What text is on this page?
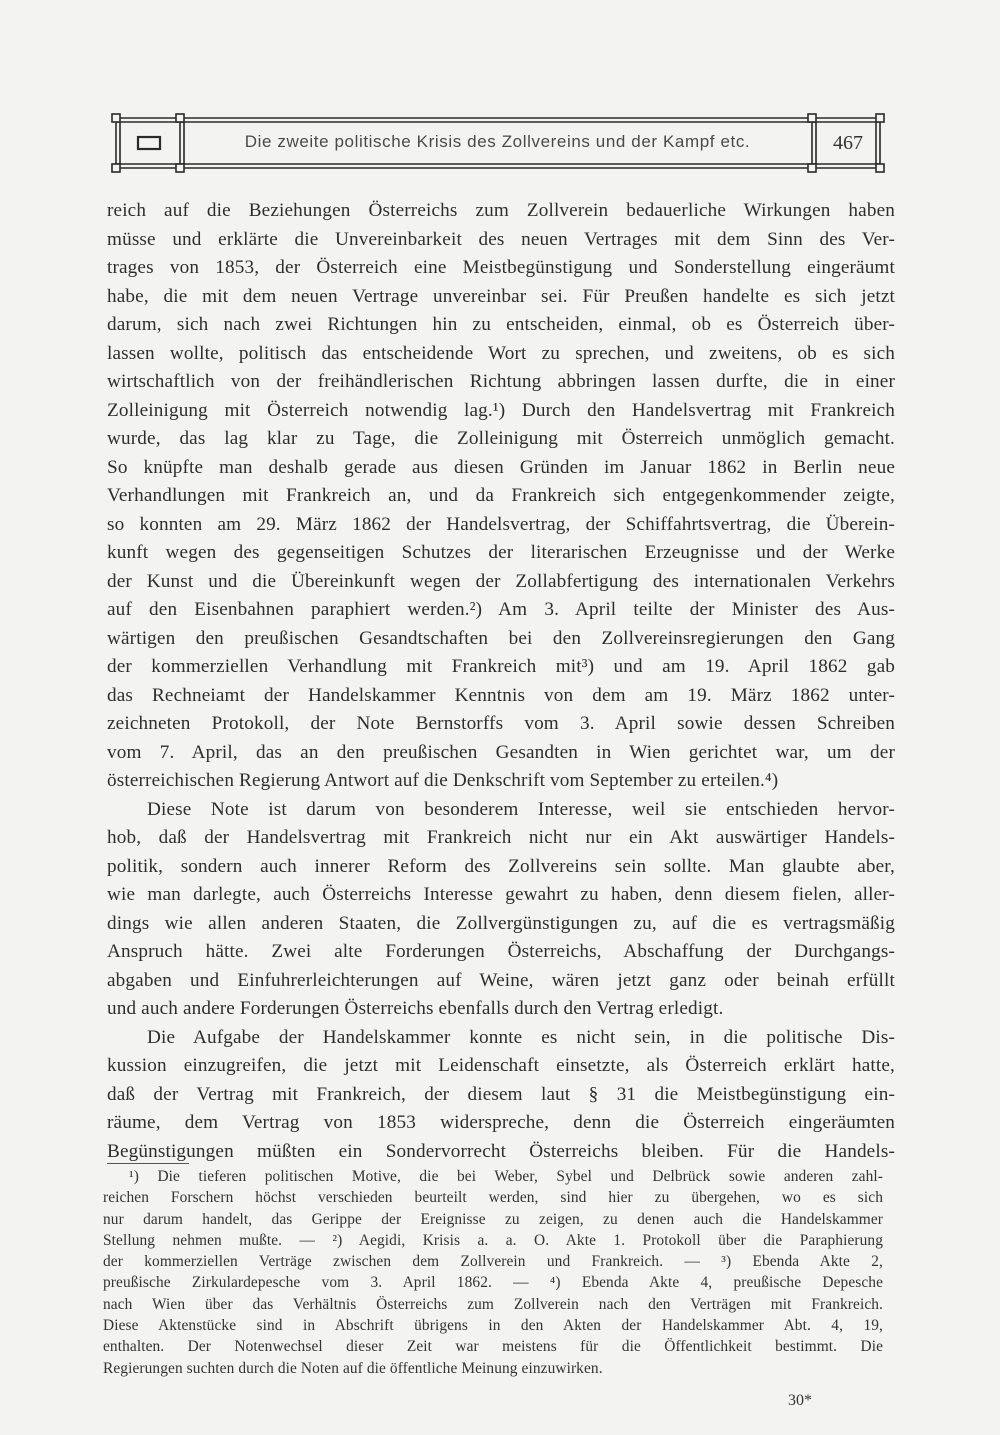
Die zweite politische Krisis des Zollvereins und der Kampf etc.	467
reich auf die Beziehungen Österreichs zum Zollverein bedauerliche Wirkungen haben
müsse und erklärte die Unvereinbarkeit des neuen Vertrages mit dem Sinn des Ver-
trages von 1853, der Österreich eine Meistbegünstigung und Sonderstellung eingeräumt
habe, die mit dem neuen Vertrage unvereinbar sei. Für Preußen handelte es sich jetzt
darum, sich nach zwei Richtungen hin zu entscheiden, einmal, ob es Österreich über-
lassen wollte, politisch das entscheidende Wort zu sprechen, und zweitens, ob es sich
wirtschaftlich von der freihändlerischen Richtung abbringen lassen durfte, die in einer
Zolleinigung mit Österreich notwendig lag.¹) Durch den Handelsvertrag mit Frankreich
wurde, das lag klar zu Tage, die Zolleinigung mit Österreich unmöglich gemacht.
So knüpfte man deshalb gerade aus diesen Gründen im Januar 1862 in Berlin neue
Verhandlungen mit Frankreich an, und da Frankreich sich entgegenkommender zeigte,
so konnten am 29. März 1862 der Handelsvertrag, der Schiffahrtsvertrag, die Überein-
kunft wegen des gegenseitigen Schutzes der literarischen Erzeugnisse und der Werke
der Kunst und die Übereinkunft wegen der Zollabfertigung des internationalen Verkehrs
auf den Eisenbahnen paraphiert werden.²) Am 3. April teilte der Minister des Aus-
wärtigen den preußischen Gesandtschaften bei den Zollvereinsregierungen den Gang
der kommerziellen Verhandlung mit Frankreich mit³) und am 19. April 1862 gab
das Rechneiamt der Handelskammer Kenntnis von dem am 19. März 1862 unter-
zeichneten Protokoll, der Note Bernstorffs vom 3. April sowie dessen Schreiben
vom 7. April, das an den preußischen Gesandten in Wien gerichtet war, um der
österreichischen Regierung Antwort auf die Denkschrift vom September zu erteilen.⁴)
Diese Note ist darum von besonderem Interesse, weil sie entschieden hervor-
hob, daß der Handelsvertrag mit Frankreich nicht nur ein Akt auswärtiger Handels-
politik, sondern auch innerer Reform des Zollvereins sein sollte. Man glaubte aber,
wie man darlegte, auch Österreichs Interesse gewahrt zu haben, denn diesem fielen, aller-
dings wie allen anderen Staaten, die Zollvergünstigungen zu, auf die es vertragsmäßig
Anspruch hätte. Zwei alte Forderungen Österreichs, Abschaffung der Durchgangs-
abgaben und Einfuhrerleichterungen auf Weine, wären jetzt ganz oder beinah erfüllt
und auch andere Forderungen Österreichs ebenfalls durch den Vertrag erledigt.
Die Aufgabe der Handelskammer konnte es nicht sein, in die politische Dis-
kussion einzugreifen, die jetzt mit Leidenschaft einsetzte, als Österreich erklärt hatte,
daß der Vertrag mit Frankreich, der diesem laut § 31 die Meistbegünstigung ein-
räume, dem Vertrag von 1853 widerspreche, denn die Österreich eingeräumten
Begünstigungen müßten ein Sondervorrecht Österreichs bleiben. Für die Handels-
¹) Die tieferen politischen Motive, die bei Weber, Sybel und Delbrück sowie anderen zahl-
reichen Forschern höchst verschieden beurteilt werden, sind hier zu übergehen, wo es sich
nur darum handelt, das Gerippe der Ereignisse zu zeigen, zu denen auch die Handelskammer
Stellung nehmen mußte. — ²) Aegidi, Krisis a. a. O. Akte 1. Protokoll über die Paraphierung
der kommerziellen Verträge zwischen dem Zollverein und Frankreich. — ³) Ebenda Akte 2,
preußische Zirkulardepesche vom 3. April 1862. — ⁴) Ebenda Akte 4, preußische Depesche
nach Wien über das Verhältnis Österreichs zum Zollverein nach den Verträgen mit Frankreich.
Diese Aktenstücke sind in Abschrift übrigens in den Akten der Handelskammer Abt. 4, 19,
enthalten. Der Notenwechsel dieser Zeit war meistens für die Öffentlichkeit bestimmt. Die
Regierungen suchten durch die Noten auf die öffentliche Meinung einzuwirken.
30*
